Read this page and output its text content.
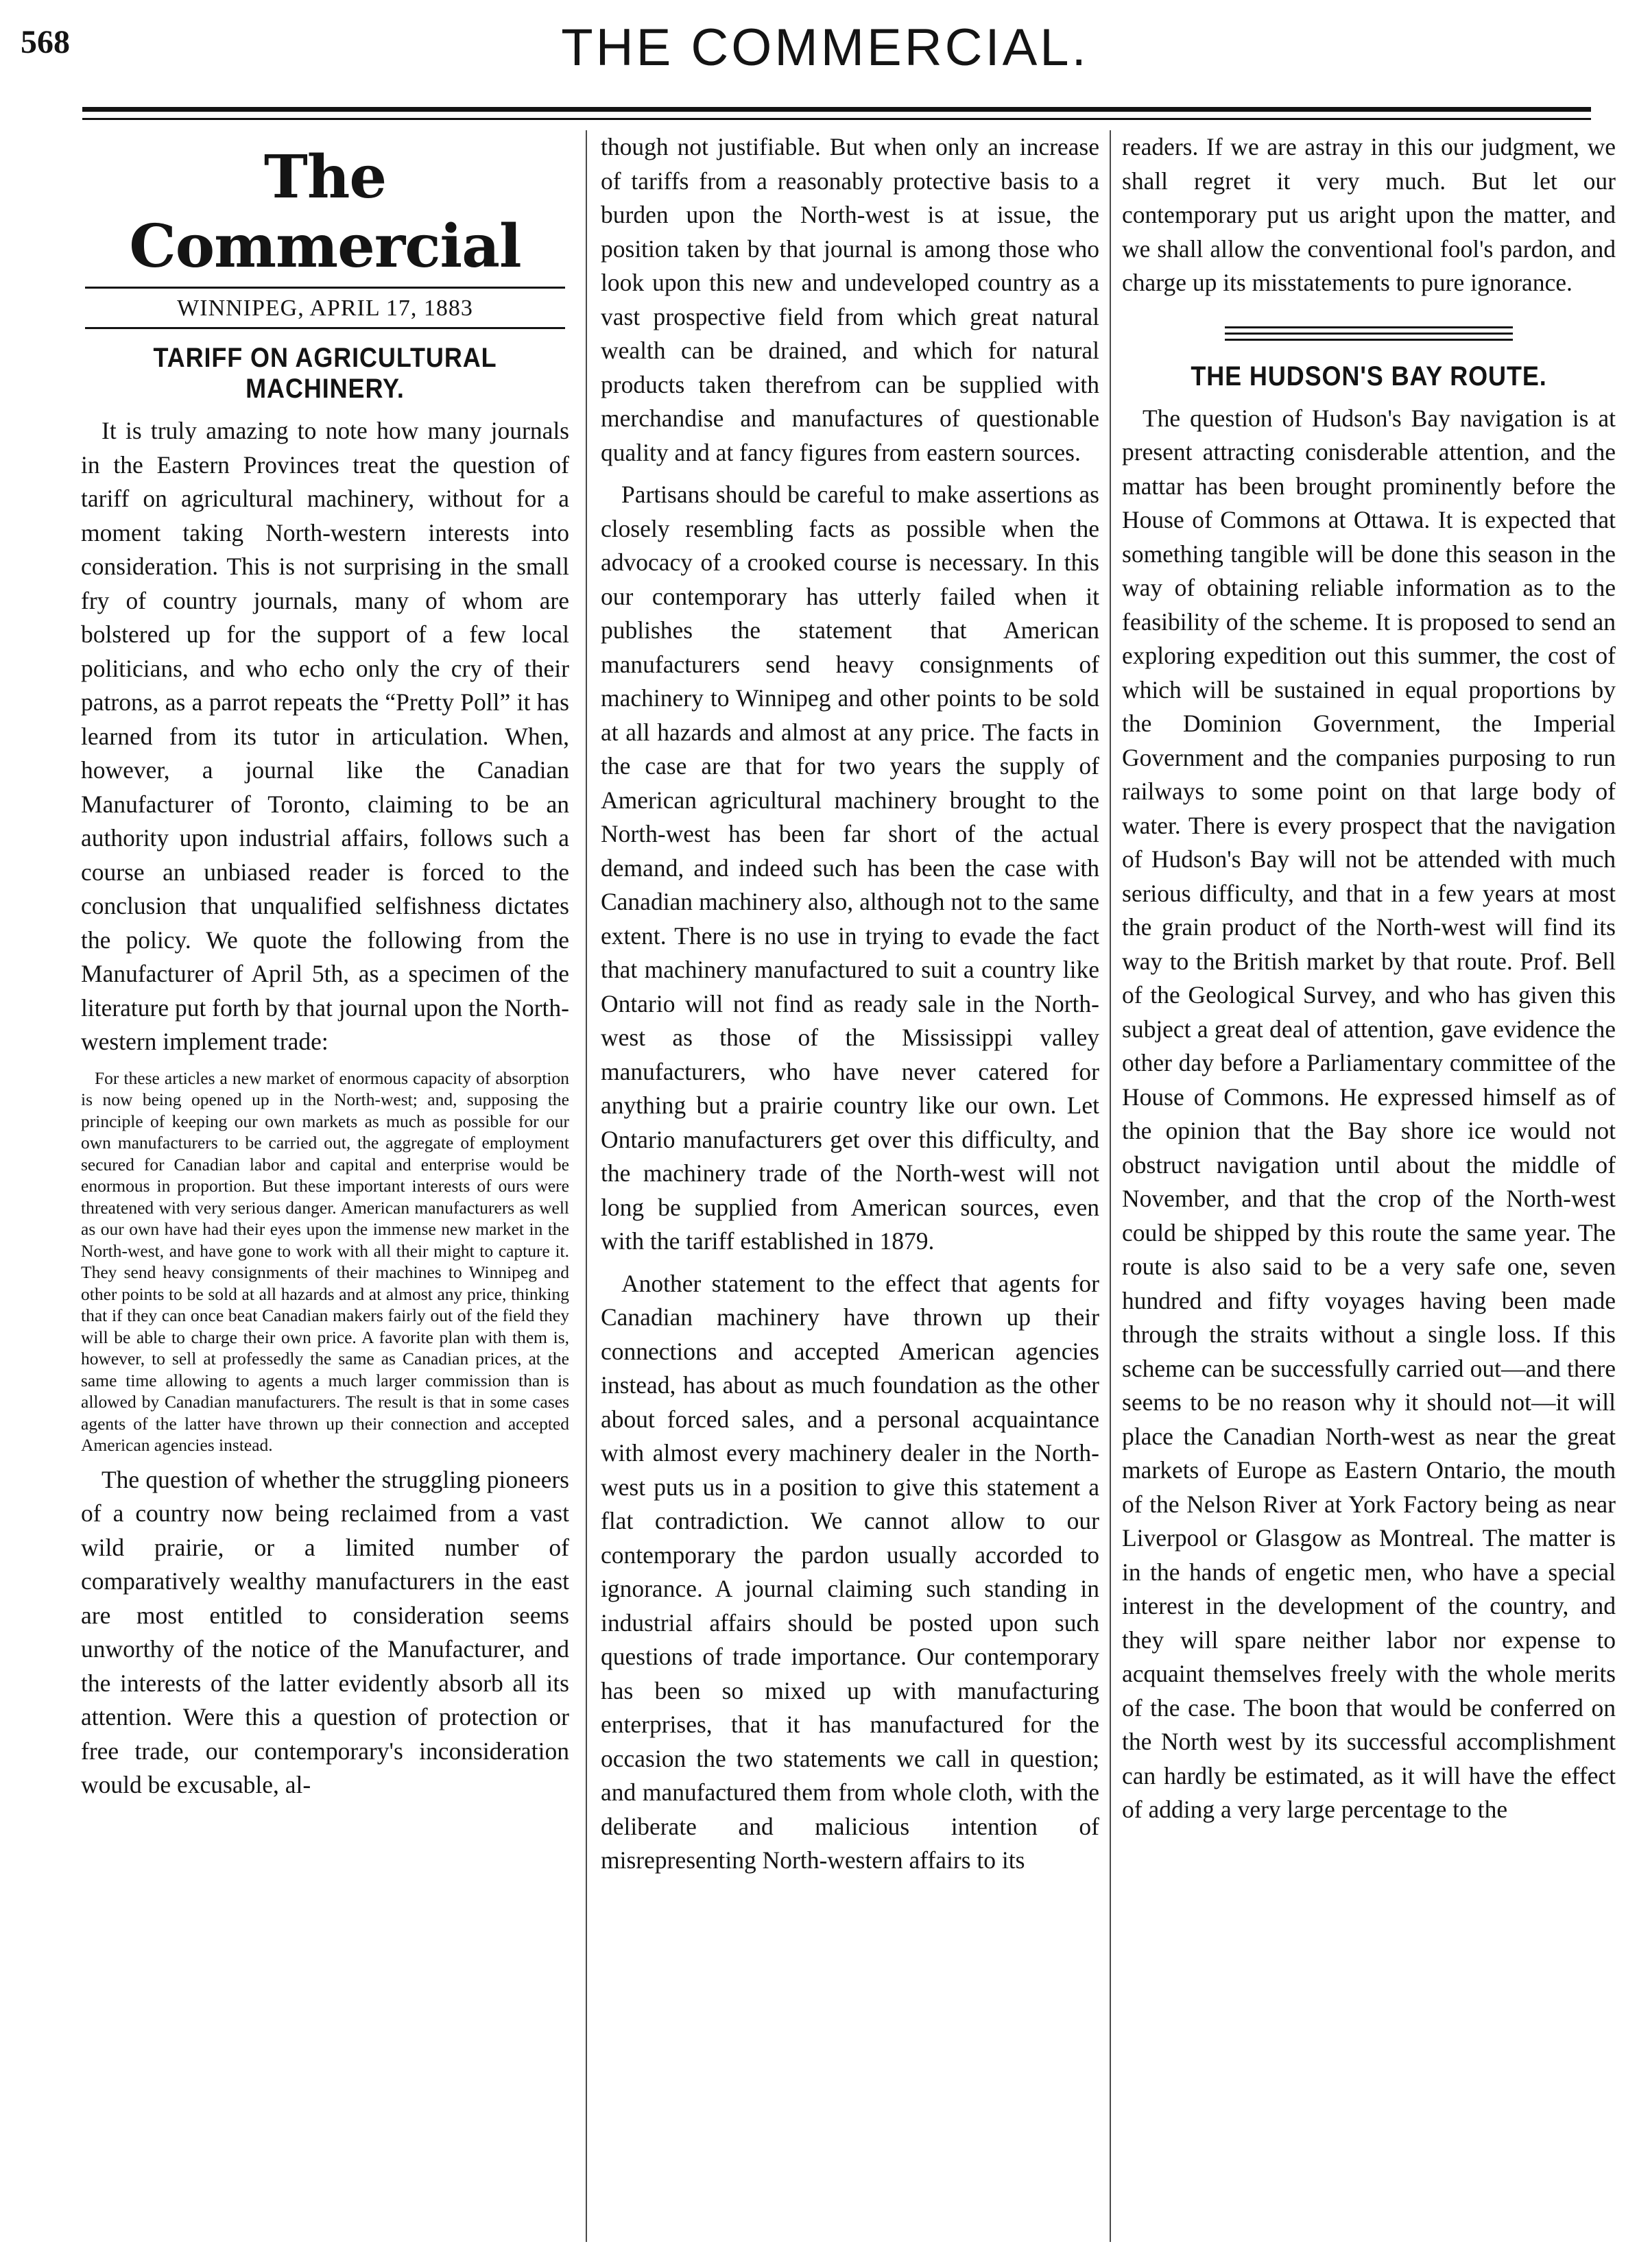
568	THE COMMERCIAL.
The Commercial
WINNIPEG, APRIL 17, 1883
TARIFF ON AGRICULTURAL MACHINERY.

It is truly amazing to note how many journals in the Eastern Provinces treat the question of tariff on agricultural machinery, without for a moment taking North-western interests into consideration. This is not surprising in the small fry of country journals, many of whom are bolstered up for the support of a few local politicians, and who echo only the cry of their patrons, as a parrot repeats the “Pretty Poll” it has learned from its tutor in articulation. When, however, a journal like the Canadian Manufacturer of Toronto, claiming to be an authority upon industrial affairs, follows such a course an unbiased reader is forced to the conclusion that unqualified selfishness dictates the policy. We quote the following from the Manufacturer of April 5th, as a specimen of the literature put forth by that journal upon the North-western implement trade:

For these articles a new market of enormous capacity of absorption is now being opened up in the North-west; and, supposing the principle of keeping our own markets as much as possible for our own manufacturers to be carried out, the aggregate of employment secured for Canadian labor and capital and enterprise would be enormous in proportion. But these important interests of ours were threatened with very serious danger. American manufacturers as well as our own have had their eyes upon the immense new market in the North-west, and have gone to work with all their might to capture it. They send heavy consignments of their machines to Winnipeg and other points to be sold at all hazards and at almost any price, thinking that if they can once beat Canadian makers fairly out of the field they will be able to charge their own price. A favorite plan with them is, however, to sell at professedly the same as Canadian prices, at the same time allowing to agents a much larger commission than is allowed by Canadian manufacturers. The result is that in some cases agents of the latter have thrown up their connection and accepted American agencies instead.

The question of whether the struggling pioneers of a country now being reclaimed from a vast wild prairie, or a limited number of comparatively wealthy manufacturers in the east are most entitled to consideration seems unworthy of the notice of the Manufacturer, and the interests of the latter evidently absorb all its attention. Were this a question of protection or free trade, our contemporary's inconsideration would be excusable, al-

though not justifiable. But when only an increase of tariffs from a reasonably protective basis to a burden upon the North-west is at issue, the position taken by that journal is among those who look upon this new and undeveloped country as a vast prospective field from which great natural wealth can be drained, and which for natural products taken therefrom can be supplied with merchandise and manufactures of questionable quality and at fancy figures from eastern sources.

Partisans should be careful to make assertions as closely resembling facts as possible when the advocacy of a crooked course is necessary. In this our contemporary has utterly failed when it publishes the statement that American manufacturers send heavy consignments of machinery to Winnipeg and other points to be sold at all hazards and almost at any price. The facts in the case are that for two years the supply of American agricultural machinery brought to the North-west has been far short of the actual demand, and indeed such has been the case with Canadian machinery also, although not to the same extent. There is no use in trying to evade the fact that machinery manufactured to suit a country like Ontario will not find as ready sale in the North-west as those of the Mississippi valley manufacturers, who have never catered for anything but a prairie country like our own. Let Ontario manufacturers get over this difficulty, and the machinery trade of the North-west will not long be supplied from American sources, even with the tariff established in 1879.

Another statement to the effect that agents for Canadian machinery have thrown up their connections and accepted American agencies instead, has about as much foundation as the other about forced sales, and a personal acquaintance with almost every machinery dealer in the North-west puts us in a position to give this statement a flat contradiction. We cannot allow to our contemporary the pardon usually accorded to ignorance. A journal claiming such standing in industrial affairs should be posted upon such questions of trade importance. Our contemporary has been so mixed up with manufacturing enterprises, that it has manufactured for the occasion the two statements we call in question; and manufactured them from whole cloth, with the deliberate and malicious intention of misrepresenting North-western affairs to its

readers. If we are astray in this our judgment, we shall regret it very much. But let our contemporary put us aright upon the matter, and we shall allow the conventional fool's pardon, and charge up its misstatements to pure ignorance.

THE HUDSON'S BAY ROUTE.

The question of Hudson's Bay navigation is at present attracting conisderable attention, and the mattar has been brought prominently before the House of Commons at Ottawa. It is expected that something tangible will be done this season in the way of obtaining reliable information as to the feasibility of the scheme. It is proposed to send an exploring expedition out this summer, the cost of which will be sustained in equal proportions by the Dominion Government, the Imperial Government and the companies purposing to run railways to some point on that large body of water. There is every prospect that the navigation of Hudson's Bay will not be attended with much serious difficulty, and that in a few years at most the grain product of the North-west will find its way to the British market by that route. Prof. Bell of the Geological Survey, and who has given this subject a great deal of attention, gave evidence the other day before a Parliamentary committee of the House of Commons. He expressed himself as of the opinion that the Bay shore ice would not obstruct navigation until about the middle of November, and that the crop of the North-west could be shipped by this route the same year. The route is also said to be a very safe one, seven hundred and fifty voyages having been made through the straits without a single loss. If this scheme can be successfully carried out—and there seems to be no reason why it should not—it will place the Canadian North-west as near the great markets of Europe as Eastern Ontario, the mouth of the Nelson River at York Factory being as near Liverpool or Glasgow as Montreal. The matter is in the hands of engetic men, who have a special interest in the development of the country, and they will spare neither labor nor expense to acquaint themselves freely with the whole merits of the case. The boon that would be conferred on the North west by its successful accomplishment can hardly be estimated, as it will have the effect of adding a very large percentage to the
